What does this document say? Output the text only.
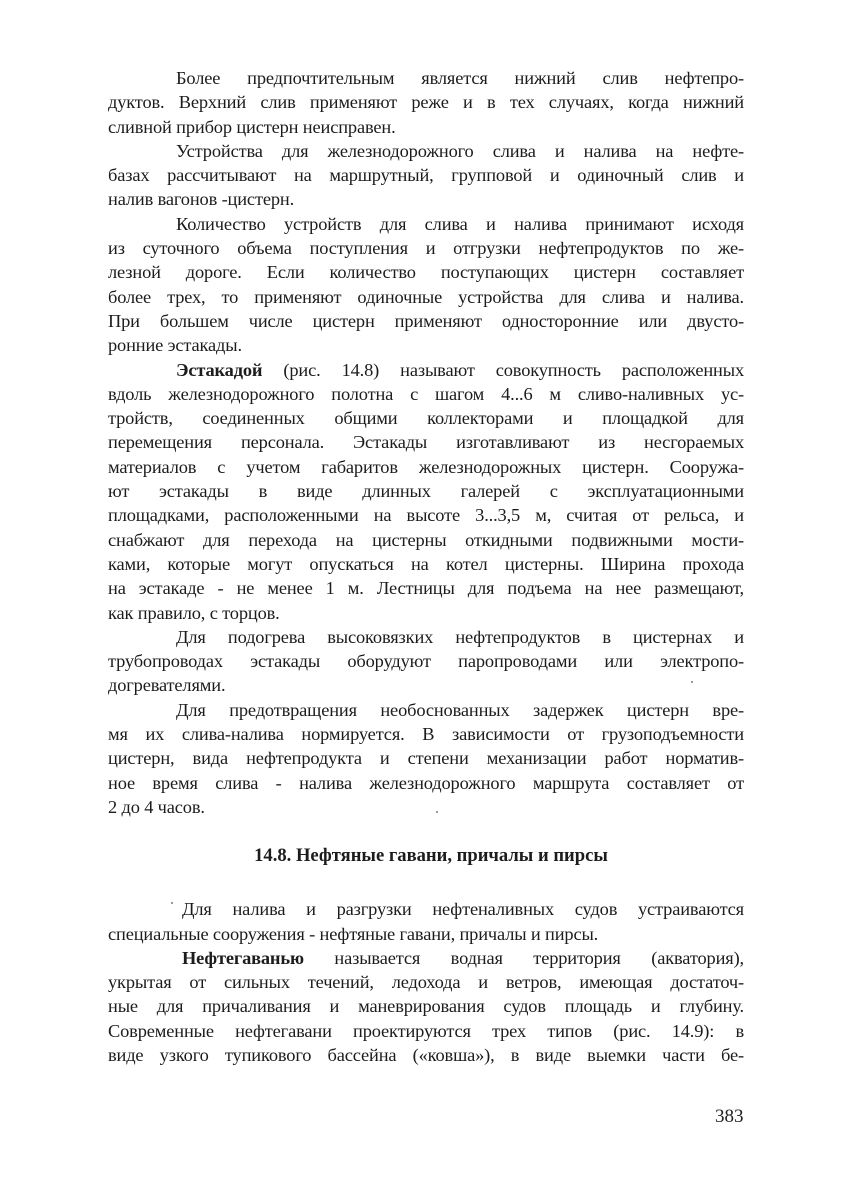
Более предпочтительным является нижний слив нефтепро-
дуктов. Верхний слив применяют реже и в тех случаях, когда нижний
сливной прибор цистерн неисправен.
Устройства для железнодорожного слива и налива на нефте-
базах рассчитывают на маршрутный, групповой и одиночный слив и
налив вагонов -цистерн.
Количество устройств для слива и налива принимают исходя
из суточного объема поступления и отгрузки нефтепродуктов по же-
лезной дороге. Если количество поступающих цистерн составляет
более трех, то применяют одиночные устройства для слива и налива.
При большем числе цистерн применяют односторонние или двусто-
ронние эстакады.
Эстакадой (рис. 14.8) называют совокупность расположенных
вдоль железнодорожного полотна с шагом 4...6 м сливо-наливных ус-
тройств, соединенных общими коллекторами и площадкой для
перемещения персонала. Эстакады изготавливают из несгораемых
материалов с учетом габаритов железнодорожных цистерн. Сооружа-
ют эстакады в виде длинных галерей с эксплуатационными
площадками, расположенными на высоте 3...3,5 м, считая от рельса, и
снабжают для перехода на цистерны откидными подвижными мости-
ками, которые могут опускаться на котел цистерны. Ширина прохода
на эстакаде - не менее 1 м. Лестницы для подъема на нее размещают,
как правило, с торцов.
Для подогрева высоковязких нефтепродуктов в цистернах и
трубопроводах эстакады оборудуют паропроводами или электропо-
догревателями.
Для предотвращения необоснованных задержек цистерн вре-
мя их слива-налива нормируется. В зависимости от грузоподъемности
цистерн, вида нефтепродукта и степени механизации работ норматив-
ное время слива - налива железнодорожного маршрута составляет от
2 до 4 часов.
14.8. Нефтяные гавани, причалы и пирсы
Для налива и разгрузки нефтеналивных судов устраиваются
специальные сооружения - нефтяные гавани, причалы и пирсы.
Нефтегаванью называется водная территория (акватория),
укрытая от сильных течений, ледохода и ветров, имеющая достаточ-
ные для причаливания и маневрирования судов площадь и глубину.
Современные нефтегавани проектируются трех типов (рис. 14.9): в
виде узкого тупикового бассейна («ковша»), в виде выемки части бе-
383
